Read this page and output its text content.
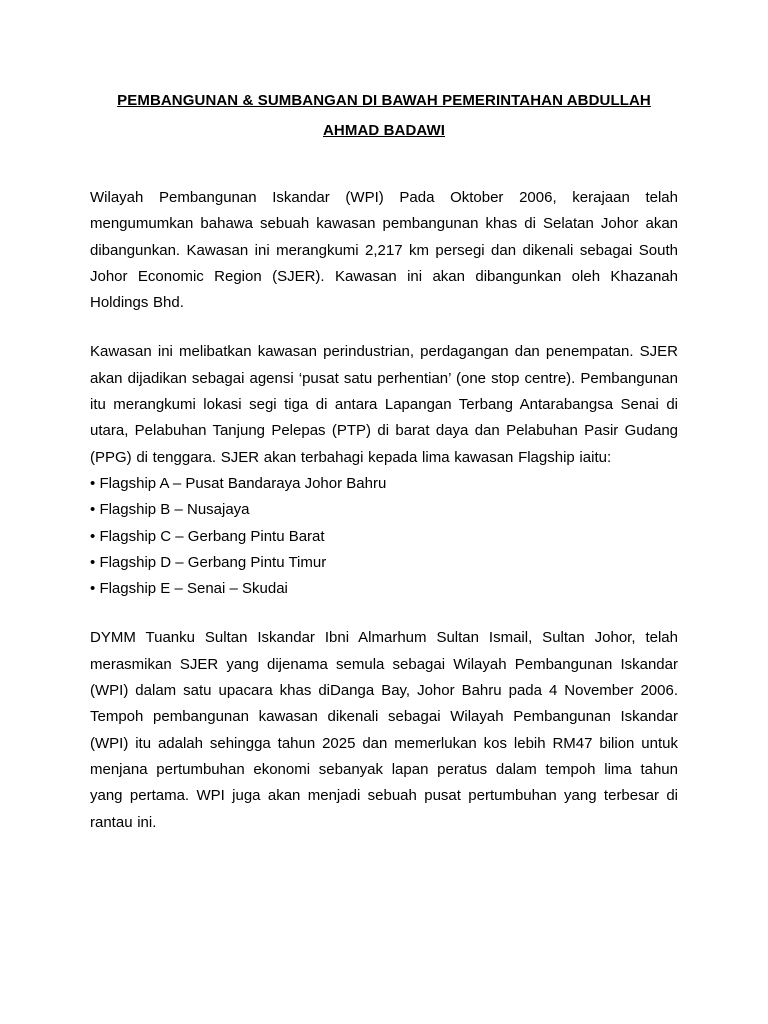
PEMBANGUNAN & SUMBANGAN DI BAWAH PEMERINTAHAN ABDULLAH
AHMAD BADAWI

Wilayah Pembangunan Iskandar (WPI) Pada Oktober 2006, kerajaan telah mengumumkan bahawa sebuah kawasan pembangunan khas di Selatan Johor akan dibangunkan. Kawasan ini merangkumi 2,217 km persegi dan dikenali sebagai South Johor Economic Region (SJER). Kawasan ini akan dibangunkan oleh Khazanah Holdings Bhd.

Kawasan ini melibatkan kawasan perindustrian, perdagangan dan penempatan. SJER akan dijadikan sebagai agensi ‘pusat satu perhentian’ (one stop centre). Pembangunan itu merangkumi lokasi segi tiga di antara Lapangan Terbang Antarabangsa Senai di utara, Pelabuhan Tanjung Pelepas (PTP) di barat daya dan Pelabuhan Pasir Gudang (PPG) di tenggara. SJER akan terbahagi kepada lima kawasan Flagship iaitu:

• Flagship A – Pusat Bandaraya Johor Bahru
• Flagship B – Nusajaya
• Flagship C – Gerbang Pintu Barat
• Flagship D – Gerbang Pintu Timur
• Flagship E – Senai – Skudai

DYMM Tuanku Sultan Iskandar Ibni Almarhum Sultan Ismail, Sultan Johor, telah merasmikan SJER yang dijenama semula sebagai Wilayah Pembangunan Iskandar (WPI) dalam satu upacara khas diDanga Bay, Johor Bahru pada 4 November 2006. Tempoh pembangunan kawasan dikenali sebagai Wilayah Pembangunan Iskandar (WPI) itu adalah sehingga tahun 2025 dan memerlukan kos lebih RM47 bilion untuk menjana pertumbuhan ekonomi sebanyak lapan peratus dalam tempoh lima tahun yang pertama. WPI juga akan menjadi sebuah pusat pertumbuhan yang terbesar di rantau ini.
